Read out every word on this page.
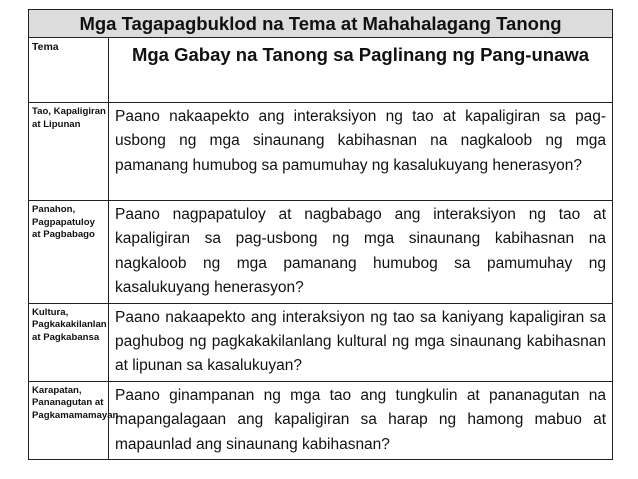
Mga Tagapagbuklod na Tema at Mahahalagang Tanong	
Tema	Mga Gabay na Tanong sa Paglinang ng Pang-unawa
Tao, Kapaligiran at Lipunan	Paano nakaapekto ang interaksiyon ng tao at kapaligiran sa pag-usbong ng mga sinaunang kabihasnan na nagkaloob ng mga pamanang humubog sa pamumuhay ng kasalukuyang henerasyon?
Panahon, Pagpapatuloy at Pagbabago	Paano nagpapatuloy at nagbabago ang interaksiyon ng tao at kapaligiran sa pag-usbong ng mga sinaunang kabihasnan na nagkaloob ng mga pamanang humubog sa pamumuhay ng kasalukuyang henerasyon?
Kultura, Pagkakakilanlan at Pagkabansa	Paano nakaapekto ang interaksiyon ng tao sa kaniyang kapaligiran sa paghubog ng pagkakakilanlang kultural ng mga sinaunang kabihasnan at lipunan sa kasalukuyan?
Karapatan, Pananagutan at Pagkamamamayan	Paano ginampanan ng mga tao ang tungkulin at pananagutan na mapangalagaan ang kapaligiran sa harap ng hamong mabuo at mapaunlad ang sinaunang kabihasnan?
